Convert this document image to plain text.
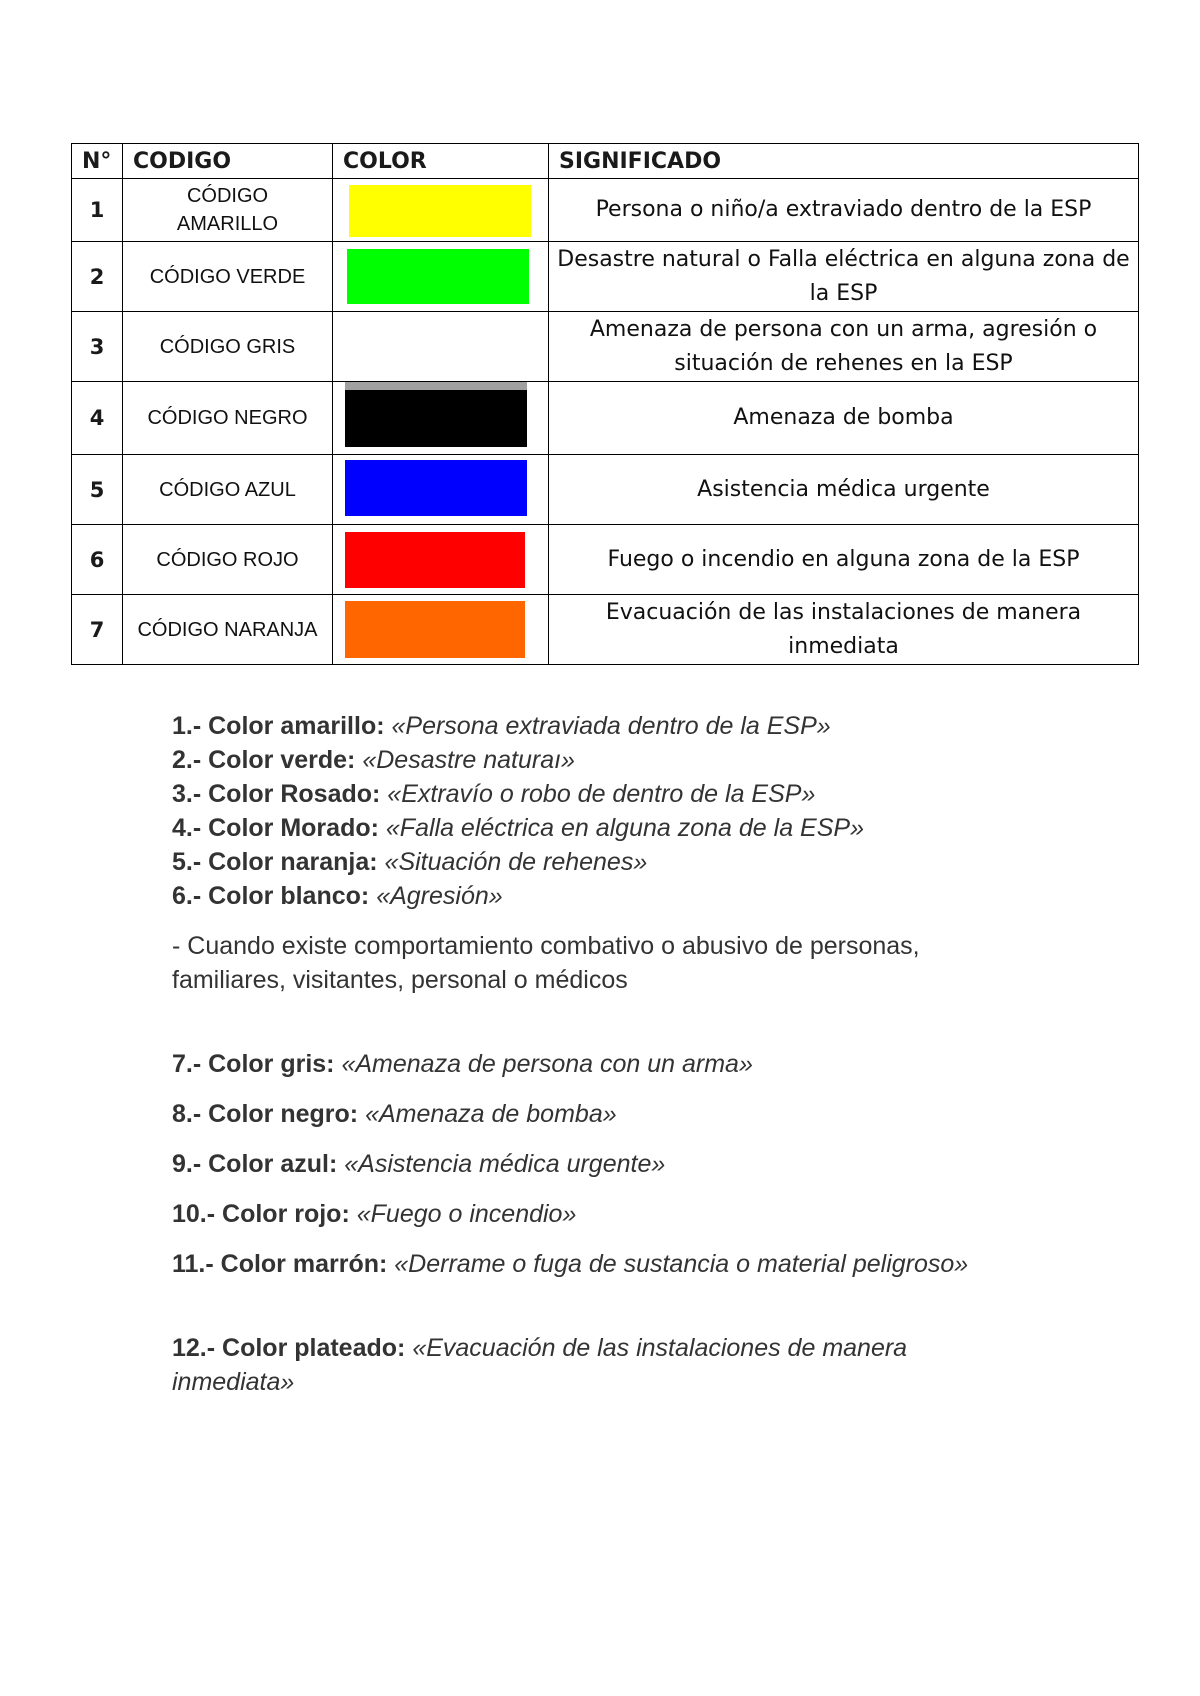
N°	CODIGO	COLOR	SIGNIFICADO
1	CÓDIGO AMARILLO		Persona o niño/a extraviado dentro de la ESP
2	CÓDIGO VERDE		Desastre natural o Falla eléctrica en alguna zona de la ESP
3	CÓDIGO GRIS		Amenaza de persona con un arma, agresión o situación de rehenes en la ESP
4	CÓDIGO NEGRO		Amenaza de bomba
5	CÓDIGO AZUL		Asistencia médica urgente
6	CÓDIGO ROJO		Fuego o incendio en alguna zona de la ESP
7	CÓDIGO NARANJA		Evacuación de las instalaciones de manera inmediata
1.- Color amarillo: «Persona extraviada dentro de la ESP»
2.- Color verde: «Desastre naturaı»
3.- Color Rosado: «Extravío o robo de dentro de la ESP»
4.- Color Morado: «Falla eléctrica en alguna zona de la ESP»
5.- Color naranja: «Situación de rehenes»
6.- Color blanco: «Agresión»
- Cuando existe comportamiento combativo o abusivo de personas, familiares, visitantes, personal o médicos
7.- Color gris: «Amenaza de persona con un arma»
8.- Color negro: «Amenaza de bomba»
9.- Color azul: «Asistencia médica urgente»
10.- Color rojo: «Fuego o incendio»
11.- Color marrón: «Derrame o fuga de sustancia o material peligroso»
12.- Color plateado: «Evacuación de las instalaciones de manera inmediata»
